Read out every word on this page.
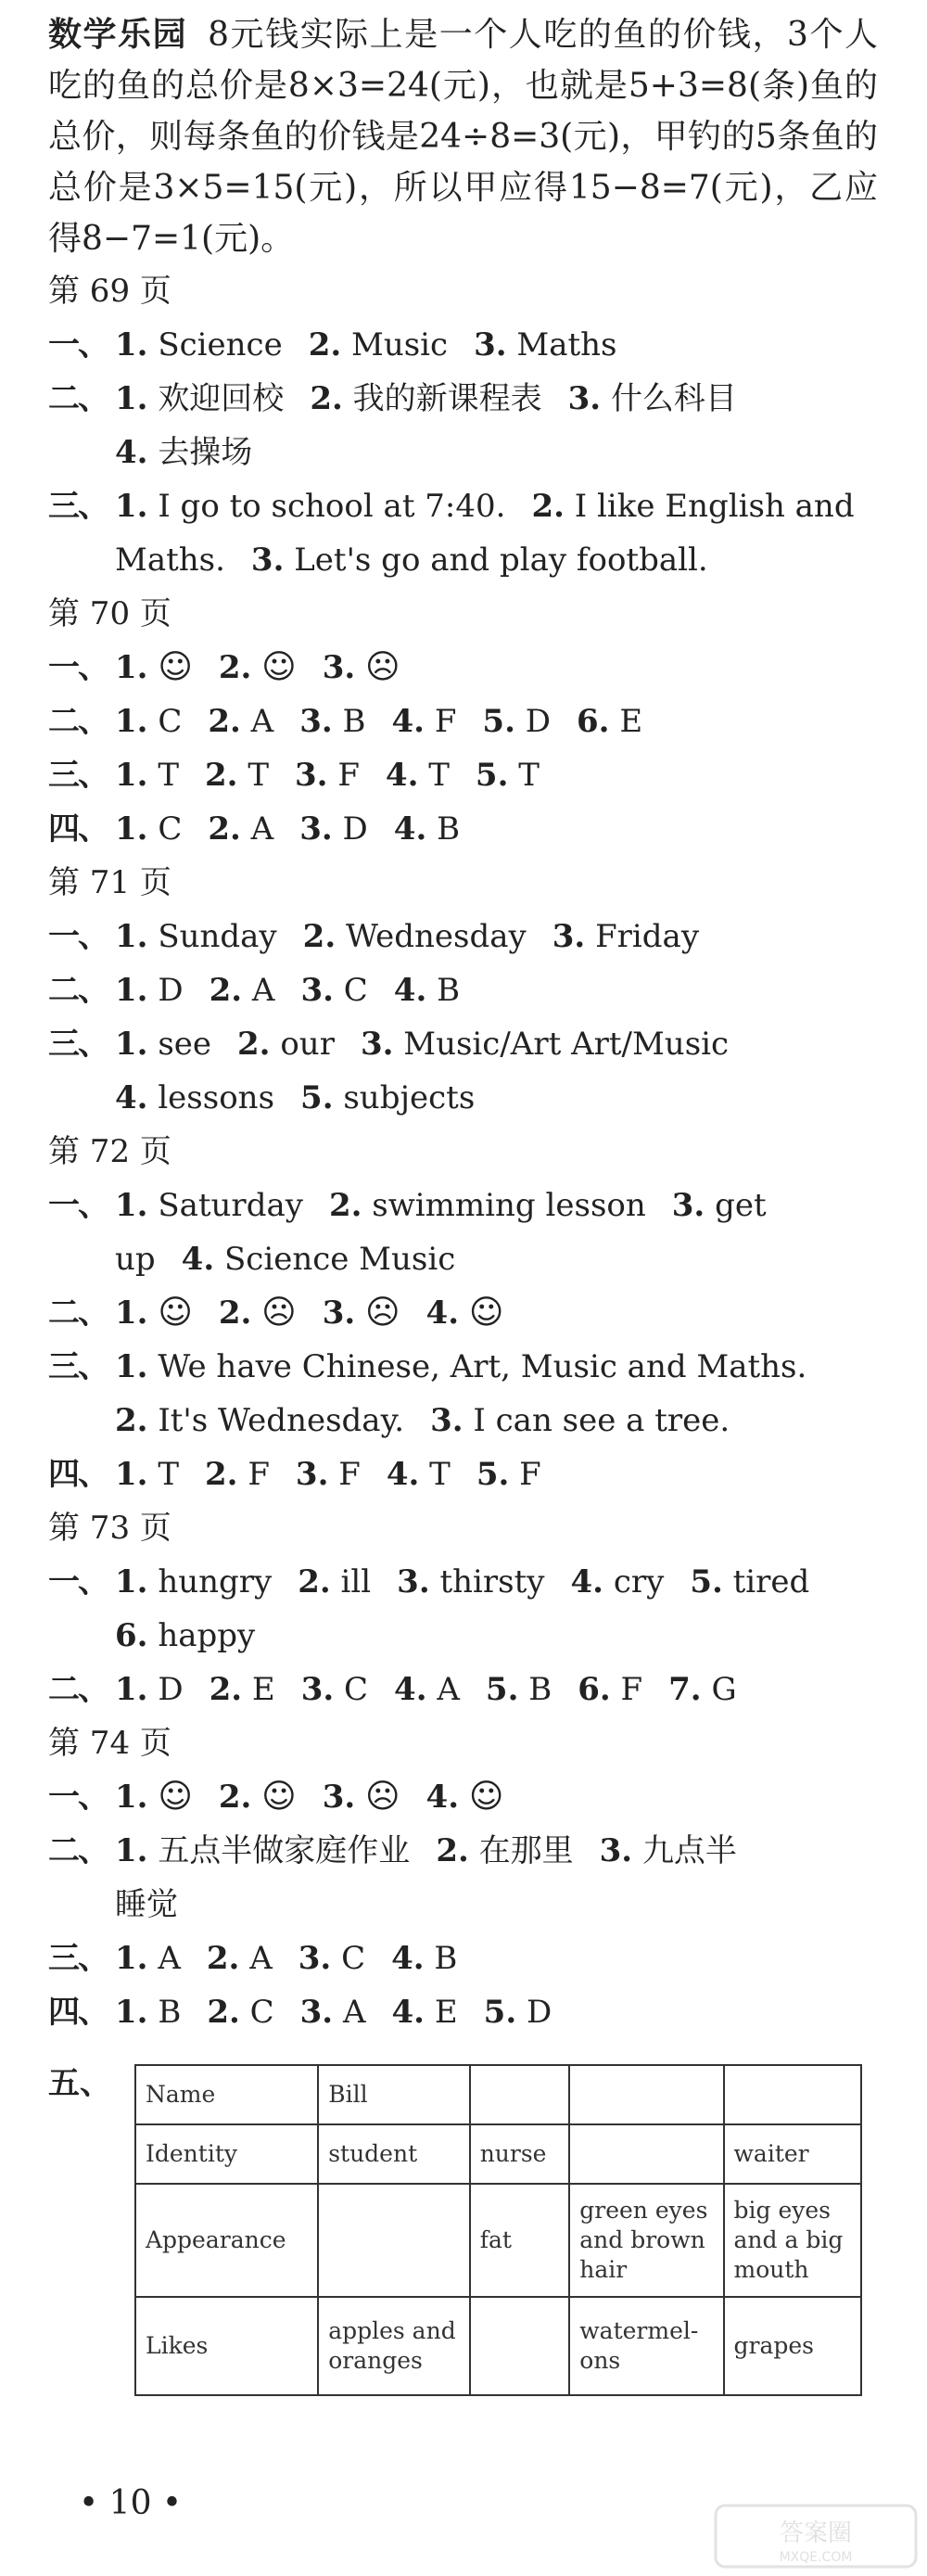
数学乐园 8元钱实际上是一个人吃的鱼的价钱，3个人吃的鱼的总价是8×3=24(元)，也就是5+3=8(条)鱼的总价，则每条鱼的价钱是24÷8=3(元)，甲钓的5条鱼的总价是3×5=15(元)，所以甲应得15−8=7(元)，乙应得8−7=1(元)。

第 69 页
一、 1. Science 2. Music 3. Maths
二、 1. 欢迎回校 2. 我的新课程表 3. 什么科目
4. 去操场
三、 1. I go to school at 7:40. 2. I like English and
Maths. 3. Let's go and play football.
第 70 页
一、 1. ☺ 2. ☺ 3. ☹
二、 1. C 2. A 3. B 4. F 5. D 6. E
三、 1. T 2. T 3. F 4. T 5. T
四、 1. C 2. A 3. D 4. B
第 71 页
一、 1. Sunday 2. Wednesday 3. Friday
二、 1. D 2. A 3. C 4. B
三、 1. see 2. our 3. Music/Art Art/Music
4. lessons 5. subjects
第 72 页
一、 1. Saturday 2. swimming lesson 3. get
up 4. Science Music
二、 1. ☺ 2. ☹ 3. ☹ 4. ☺
三、 1. We have Chinese, Art, Music and Maths.
2. It's Wednesday. 3. I can see a tree.
四、 1. T 2. F 3. F 4. T 5. F
第 73 页
一、 1. hungry 2. ill 3. thirsty 4. cry 5. tired
6. happy
二、 1. D 2. E 3. C 4. A 5. B 6. F 7. G
第 74 页
一、 1. ☺ 2. ☺ 3. ☹ 4. ☺
二、 1. 五点半做家庭作业 2. 在那里 3. 九点半
睡觉
三、 1. A 2. A 3. C 4. B
四、 1. B 2. C 3. A 4. E 5. D
五、 Name	Bill			
Identity	student	nurse		waiter
Appearance		fat	green eyes and brown hair	big eyes and a big mouth
Likes	apples and oranges		watermel-ons	grapes
• 10 •
答案圈
MXQE.COM
